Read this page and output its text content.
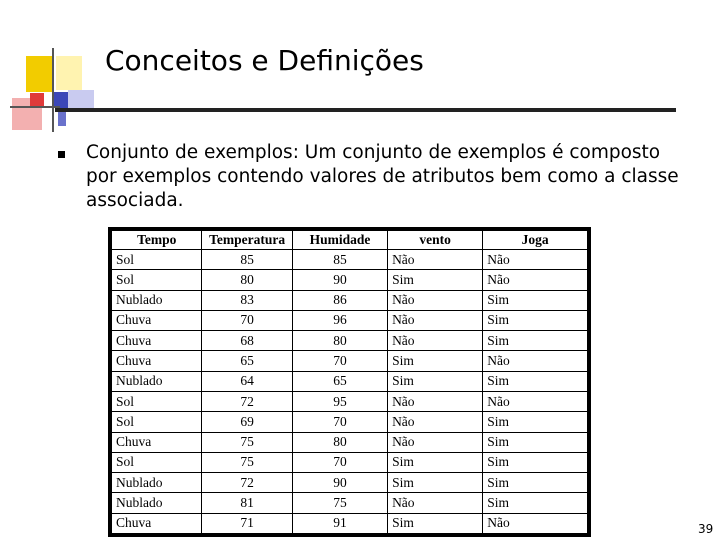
Conceitos e Definições
Conjunto de exemplos: Um conjunto de exemplos é composto por exemplos contendo valores de atributos bem como a classe associada.
Tempo	Temperatura	Humidade	vento	Joga
Sol	85	85	Não	Não
Sol	80	90	Sim	Não
Nublado	83	86	Não	Sim
Chuva	70	96	Não	Sim
Chuva	68	80	Não	Sim
Chuva	65	70	Sim	Não
Nublado	64	65	Sim	Sim
Sol	72	95	Não	Não
Sol	69	70	Não	Sim
Chuva	75	80	Não	Sim
Sol	75	70	Sim	Sim
Nublado	72	90	Sim	Sim
Nublado	81	75	Não	Sim
Chuva	71	91	Sim	Não	39
